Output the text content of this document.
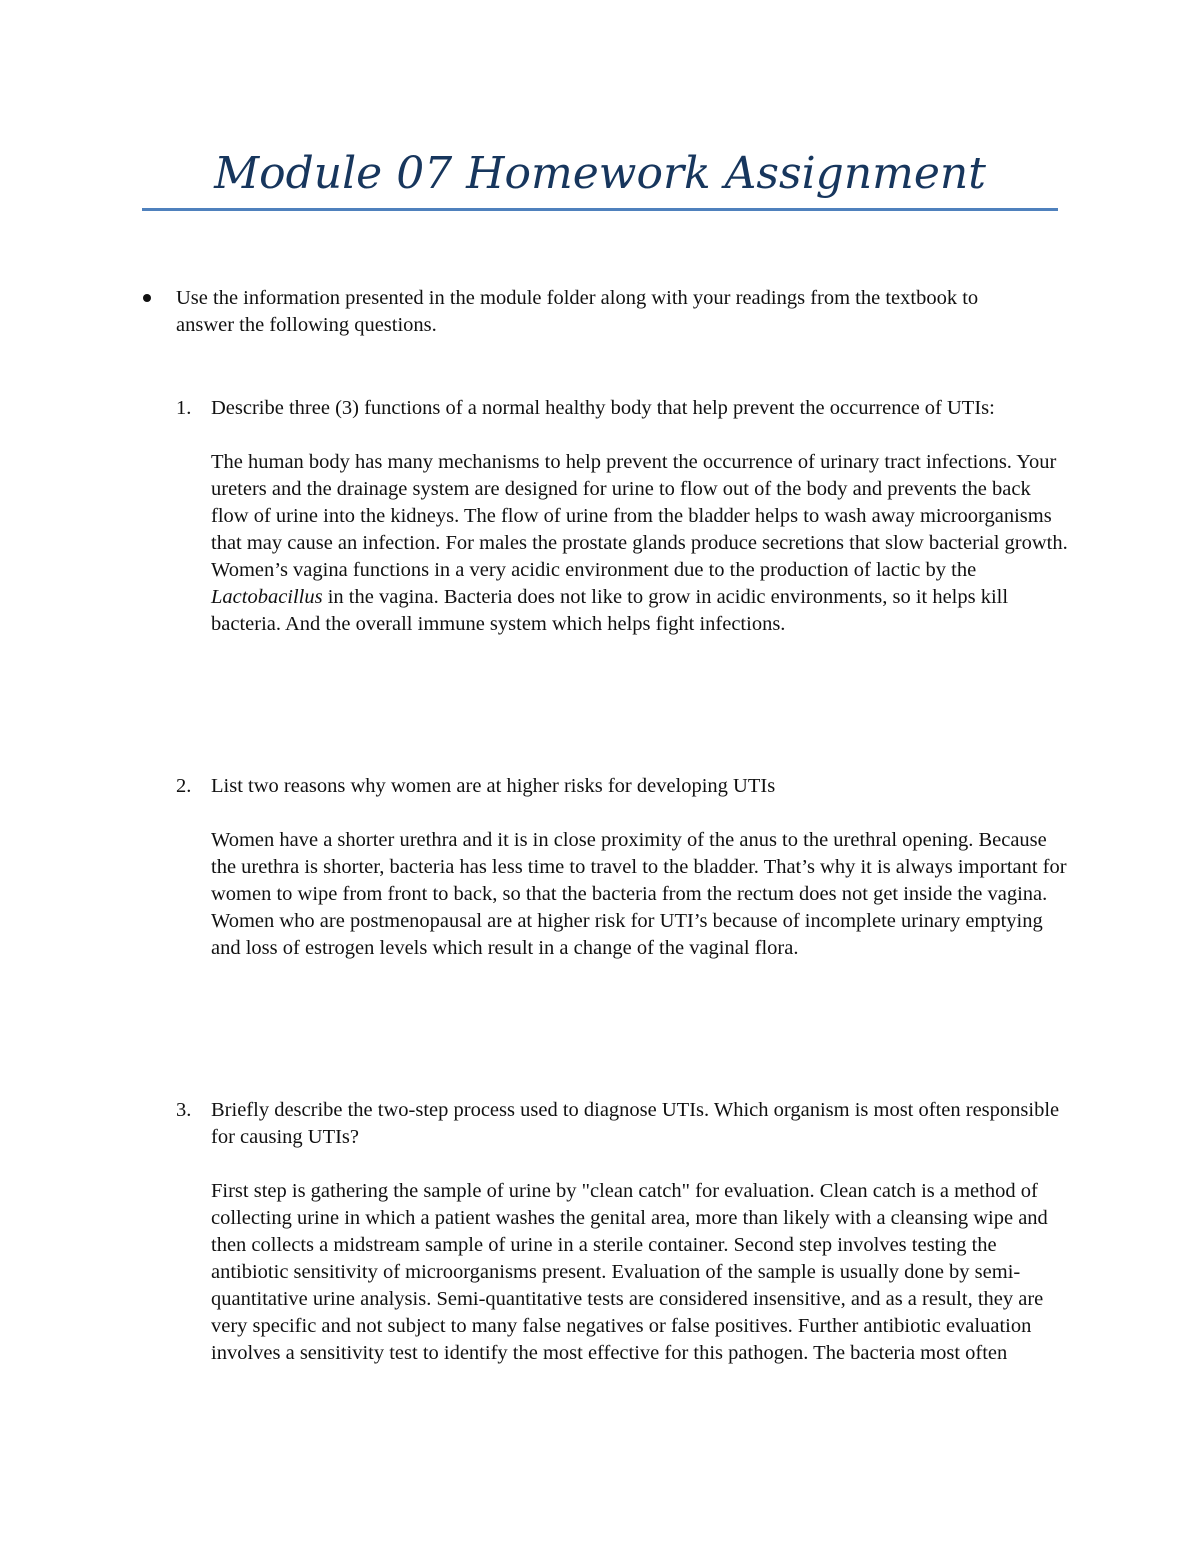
Module 07 Homework Assignment

Use the information presented in the module folder along with your readings from the textbook to answer the following questions.

1. Describe three (3) functions of a normal healthy body that help prevent the occurrence of UTIs:

The human body has many mechanisms to help prevent the occurrence of urinary tract infections. Your ureters and the drainage system are designed for urine to flow out of the body and prevents the back flow of urine into the kidneys. The flow of urine from the bladder helps to wash away microorganisms that may cause an infection. For males the prostate glands produce secretions that slow bacterial growth. Women’s vagina functions in a very acidic environment due to the production of lactic by the Lactobacillus in the vagina. Bacteria does not like to grow in acidic environments, so it helps kill bacteria. And the overall immune system which helps fight infections.

2. List two reasons why women are at higher risks for developing UTIs

Women have a shorter urethra and it is in close proximity of the anus to the urethral opening. Because the urethra is shorter, bacteria has less time to travel to the bladder. That’s why it is always important for women to wipe from front to back, so that the bacteria from the rectum does not get inside the vagina. Women who are postmenopausal are at higher risk for UTI’s because of incomplete urinary emptying and loss of estrogen levels which result in a change of the vaginal flora.

3. Briefly describe the two-step process used to diagnose UTIs. Which organism is most often responsible for causing UTIs?

First step is gathering the sample of urine by "clean catch" for evaluation. Clean catch is a method of collecting urine in which a patient washes the genital area, more than likely with a cleansing wipe and then collects a midstream sample of urine in a sterile container. Second step involves testing the antibiotic sensitivity of microorganisms present. Evaluation of the sample is usually done by semi-quantitative urine analysis. Semi-quantitative tests are considered insensitive, and as a result, they are very specific and not subject to many false negatives or false positives. Further antibiotic evaluation involves a sensitivity test to identify the most effective for this pathogen. The bacteria most often
